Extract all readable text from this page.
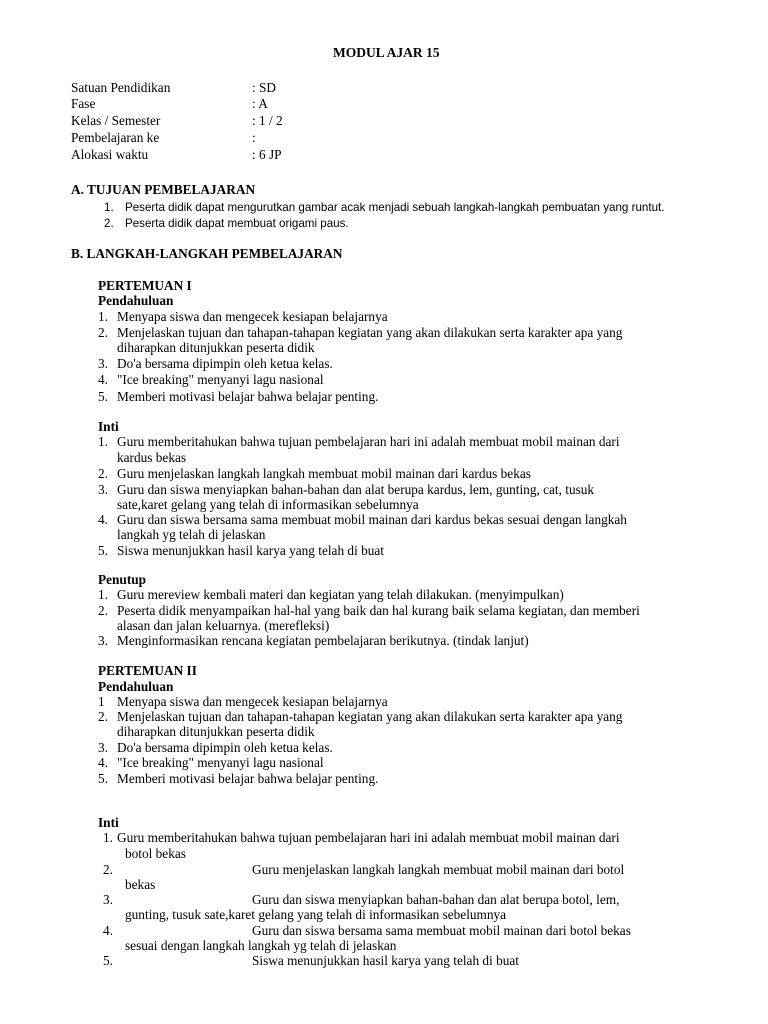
MODUL AJAR 15
Satuan Pendidikan	: SD
Fase	: A
Kelas / Semester	: 1 / 2
Pembelajaran ke	:
Alokasi waktu	: 6 JP
A. TUJUAN PEMBELAJARAN
1. Peserta didik dapat mengurutkan gambar acak menjadi sebuah langkah-langkah pembuatan yang runtut.
2. Peserta didik dapat membuat origami paus.
B. LANGKAH-LANGKAH PEMBELAJARAN
PERTEMUAN I
Pendahuluan
1. Menyapa siswa dan mengecek kesiapan belajarnya
2. Menjelaskan tujuan dan tahapan-tahapan kegiatan yang akan dilakukan serta karakter apa yang
diharapkan ditunjukkan peserta didik
3. Do'a bersama dipimpin oleh ketua kelas.
4. "Ice breaking" menyanyi lagu nasional
5. Memberi motivasi belajar bahwa belajar penting.
Inti
1. Guru memberitahukan bahwa tujuan pembelajaran hari ini adalah membuat mobil mainan dari
kardus bekas
2. Guru menjelaskan langkah langkah membuat mobil mainan dari kardus bekas
3. Guru dan siswa menyiapkan bahan-bahan dan alat berupa kardus, lem, gunting, cat, tusuk
sate,karet gelang yang telah di informasikan sebelumnya
4. Guru dan siswa bersama sama membuat mobil mainan dari kardus bekas sesuai dengan langkah
langkah yg telah di jelaskan
5. Siswa menunjukkan hasil karya yang telah di buat
Penutup
1. Guru mereview kembali materi dan kegiatan yang telah dilakukan. (menyimpulkan)
2. Peserta didik menyampaikan hal-hal yang baik dan hal kurang baik selama kegiatan, dan memberi
alasan dan jalan keluarnya. (merefleksi)
3. Menginformasikan rencana kegiatan pembelajaran berikutnya. (tindak lanjut)
PERTEMUAN II
Pendahuluan
1 Menyapa siswa dan mengecek kesiapan belajarnya
2. Menjelaskan tujuan dan tahapan-tahapan kegiatan yang akan dilakukan serta karakter apa yang
diharapkan ditunjukkan peserta didik
3. Do'a bersama dipimpin oleh ketua kelas.
4. "Ice breaking" menyanyi lagu nasional
5. Memberi motivasi belajar bahwa belajar penting.
Inti
1. Guru memberitahukan bahwa tujuan pembelajaran hari ini adalah membuat mobil mainan dari
botol bekas
2.	Guru menjelaskan langkah langkah membuat mobil mainan dari botol
bekas
3.	Guru dan siswa menyiapkan bahan-bahan dan alat berupa botol, lem,
gunting, tusuk sate,karet gelang yang telah di informasikan sebelumnya
4.	Guru dan siswa bersama sama membuat mobil mainan dari botol bekas
sesuai dengan langkah langkah yg telah di jelaskan
5.	Siswa menunjukkan hasil karya yang telah di buat
